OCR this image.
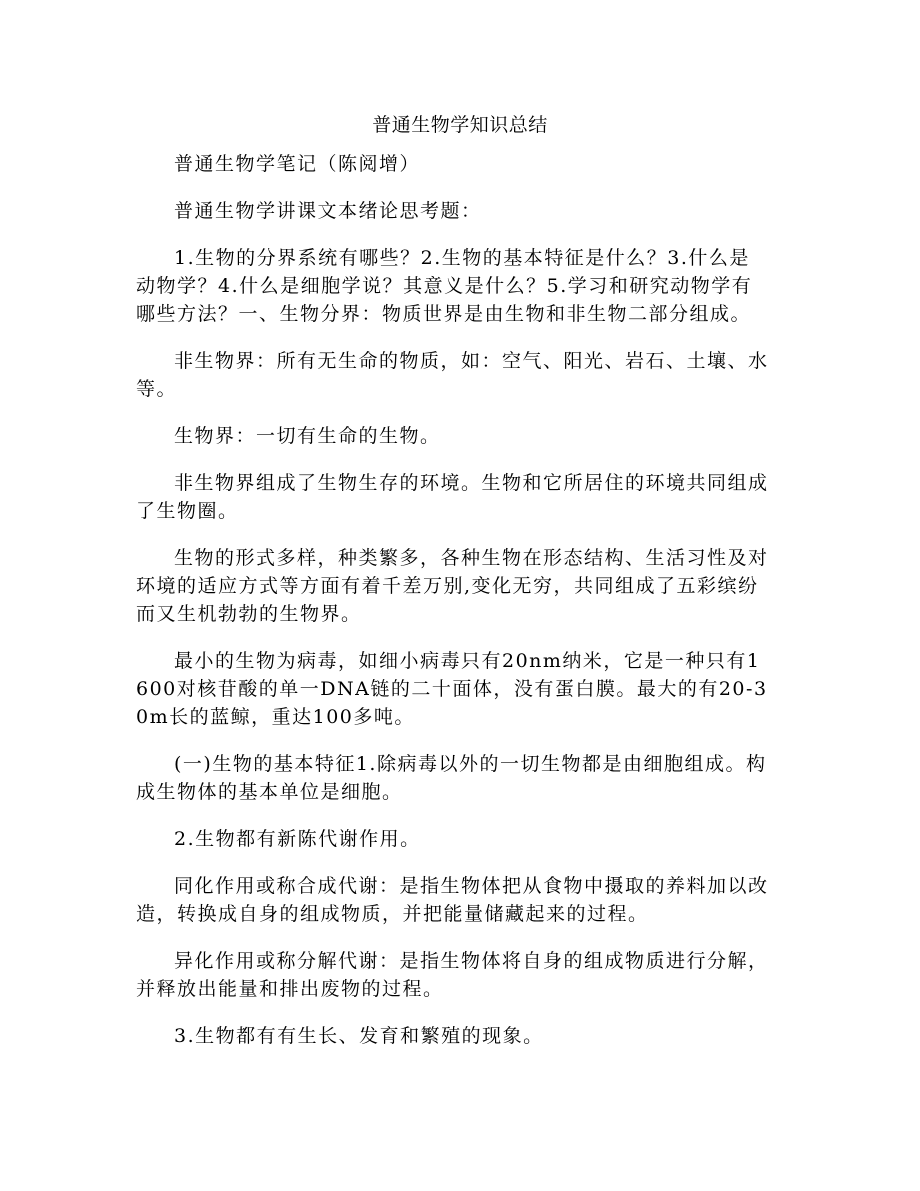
普通生物学知识总结

普通生物学笔记（陈阅增）

普通生物学讲课文本绪论思考题：

1.生物的分界系统有哪些？2.生物的基本特征是什么？3.什么是动物学？4.什么是细胞学说？其意义是什么？5.学习和研究动物学有哪些方法？一、生物分界：物质世界是由生物和非生物二部分组成。

非生物界：所有无生命的物质，如：空气、阳光、岩石、土壤、水等。

生物界：一切有生命的生物。

非生物界组成了生物生存的环境。生物和它所居住的环境共同组成了生物圈。

生物的形式多样，种类繁多，各种生物在形态结构、生活习性及对环境的适应方式等方面有着千差万别,变化无穷，共同组成了五彩缤纷而又生机勃勃的生物界。

最小的生物为病毒，如细小病毒只有20nm纳米，它是一种只有1600对核苷酸的单一DNA链的二十面体，没有蛋白膜。最大的有20-30m长的蓝鲸，重达100多吨。

(一)生物的基本特征1.除病毒以外的一切生物都是由细胞组成。构成生物体的基本单位是细胞。

2.生物都有新陈代谢作用。

同化作用或称合成代谢：是指生物体把从食物中摄取的养料加以改造，转换成自身的组成物质，并把能量储藏起来的过程。

异化作用或称分解代谢：是指生物体将自身的组成物质进行分解，并释放出能量和排出废物的过程。

3.生物都有有生长、发育和繁殖的现象。
